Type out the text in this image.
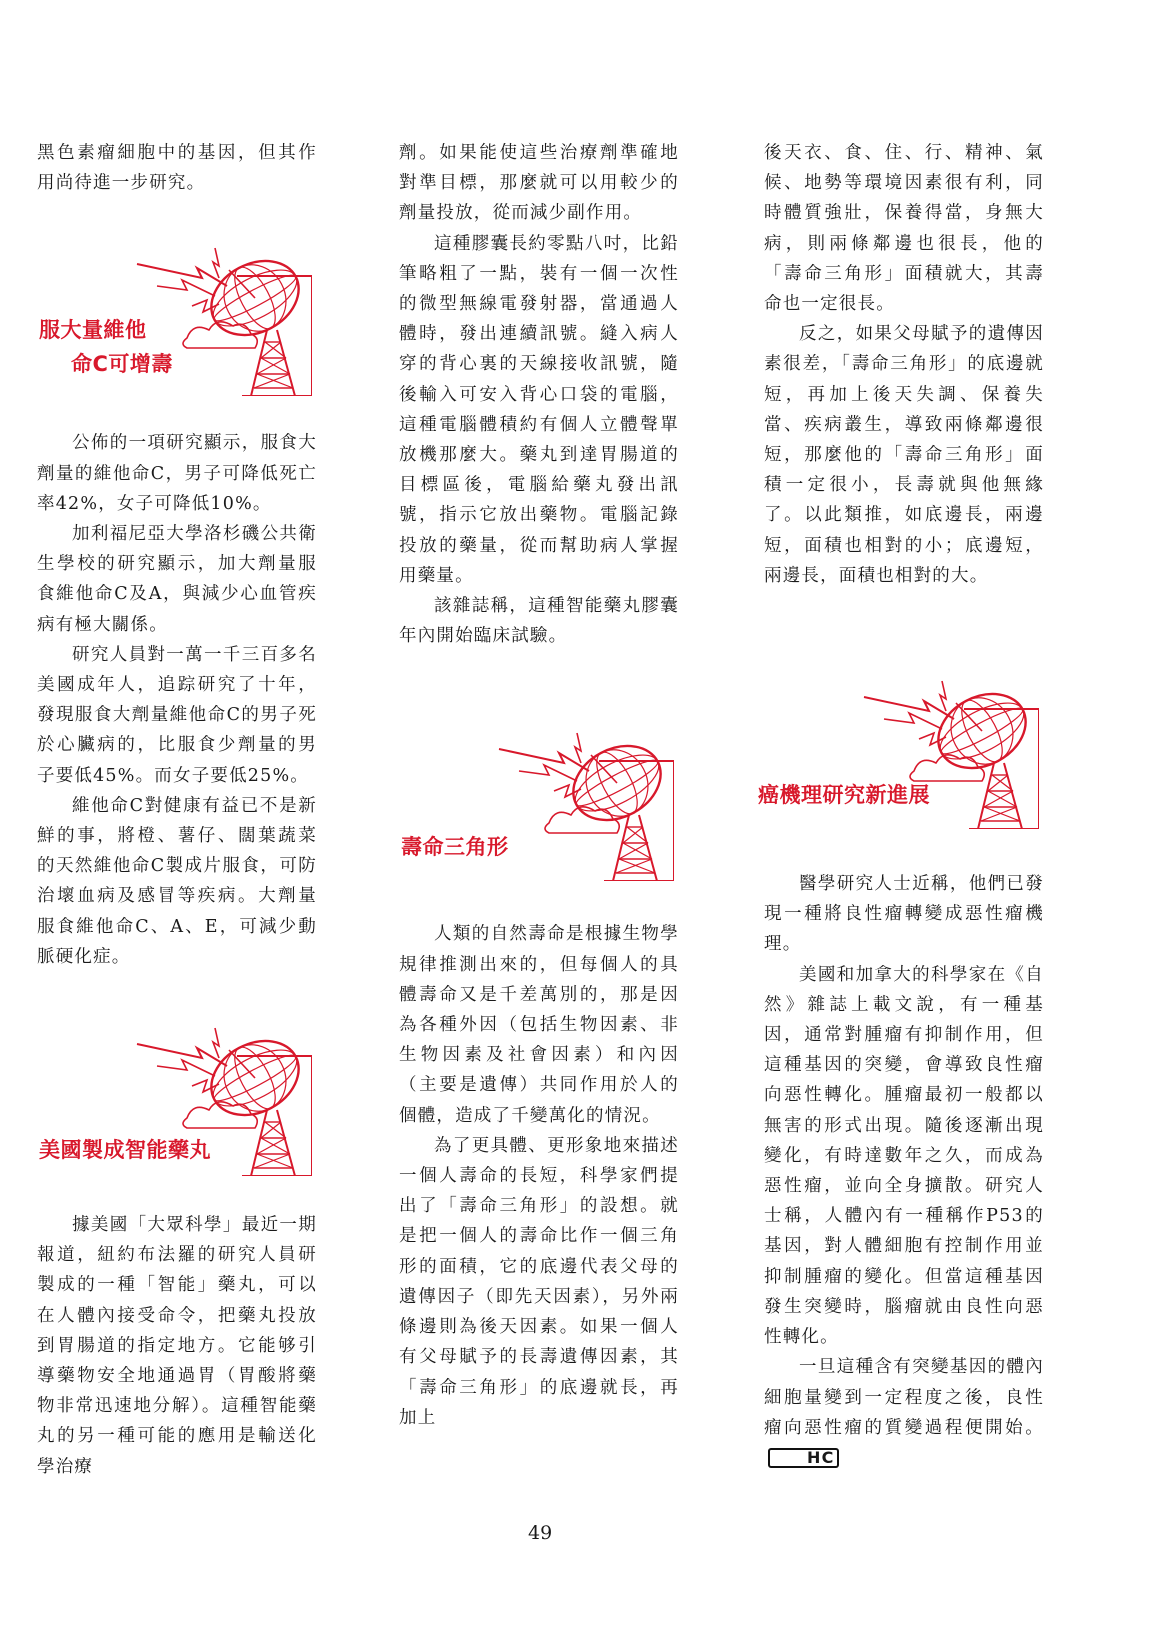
黑色素瘤細胞中的基因，但其作用尚待進一步研究。

服大量維他
命C可增壽

公佈的一項研究顯示，服食大劑量的維他命C，男子可降低死亡率42%，女子可降低10%。

加利福尼亞大學洛杉磯公共衛生學校的研究顯示，加大劑量服食維他命C及A，與減少心血管疾病有極大關係。

研究人員對一萬一千三百多名美國成年人，追踪研究了十年，發現服食大劑量維他命C的男子死於心臟病的，比服食少劑量的男子要低45%。而女子要低25%。

維他命C對健康有益已不是新鮮的事，將橙、薯仔、闊葉蔬菜的天然維他命C製成片服食，可防治壞血病及感冒等疾病。大劑量服食維他命C、A、E，可減少動脈硬化症。

美國製成智能藥丸

據美國「大眾科學」最近一期報道，紐約布法羅的研究人員研製成的一種「智能」藥丸，可以在人體內接受命令，把藥丸投放到胃腸道的指定地方。它能够引導藥物安全地通過胃（胃酸將藥物非常迅速地分解）。這種智能藥丸的另一種可能的應用是輸送化學治療

劑。如果能使這些治療劑準確地對準目標，那麼就可以用較少的劑量投放，從而減少副作用。

這種膠囊長約零點八吋，比鉛筆略粗了一點，裝有一個一次性的微型無線電發射器，當通過人體時，發出連續訊號。縫入病人穿的背心裏的天線接收訊號，隨後輸入可安入背心口袋的電腦，這種電腦體積約有個人立體聲單放機那麼大。藥丸到達胃腸道的目標區後，電腦給藥丸發出訊號，指示它放出藥物。電腦記錄投放的藥量，從而幫助病人掌握用藥量。

該雜誌稱，這種智能藥丸膠囊年內開始臨床試驗。

壽命三角形

人類的自然壽命是根據生物學規律推測出來的，但每個人的具體壽命又是千差萬別的，那是因為各種外因（包括生物因素、非生物因素及社會因素）和內因（主要是遺傳）共同作用於人的個體，造成了千變萬化的情況。

為了更具體、更形象地來描述一個人壽命的長短，科學家們提出了「壽命三角形」的設想。就是把一個人的壽命比作一個三角形的面積，它的底邊代表父母的遺傳因子（即先天因素），另外兩條邊則為後天因素。如果一個人有父母賦予的長壽遺傳因素，其「壽命三角形」的底邊就長，再加上

後天衣、食、住、行、精神、氣候、地勢等環境因素很有利，同時體質強壯，保養得當，身無大病，則兩條鄰邊也很長，他的「壽命三角形」面積就大，其壽命也一定很長。

反之，如果父母賦予的遺傳因素很差，「壽命三角形」的底邊就短，再加上後天失調、保養失當、疾病叢生，導致兩條鄰邊很短，那麼他的「壽命三角形」面積一定很小，長壽就與他無緣了。以此類推，如底邊長，兩邊短，面積也相對的小；底邊短，兩邊長，面積也相對的大。

癌機理研究新進展

醫學研究人士近稱，他們已發現一種將良性瘤轉變成惡性瘤機理。

美國和加拿大的科學家在《自然》雜誌上載文說，有一種基因，通常對腫瘤有抑制作用，但這種基因的突變，會導致良性瘤向惡性轉化。腫瘤最初一般都以無害的形式出現。隨後逐漸出現變化，有時達數年之久，而成為惡性瘤，並向全身擴散。研究人士稱，人體內有一種稱作P53的基因，對人體細胞有控制作用並抑制腫瘤的變化。但當這種基因發生突變時，腦瘤就由良性向惡性轉化。

一旦這種含有突變基因的體內細胞量變到一定程度之後，良性瘤向惡性瘤的質變過程便開始。HC

49
